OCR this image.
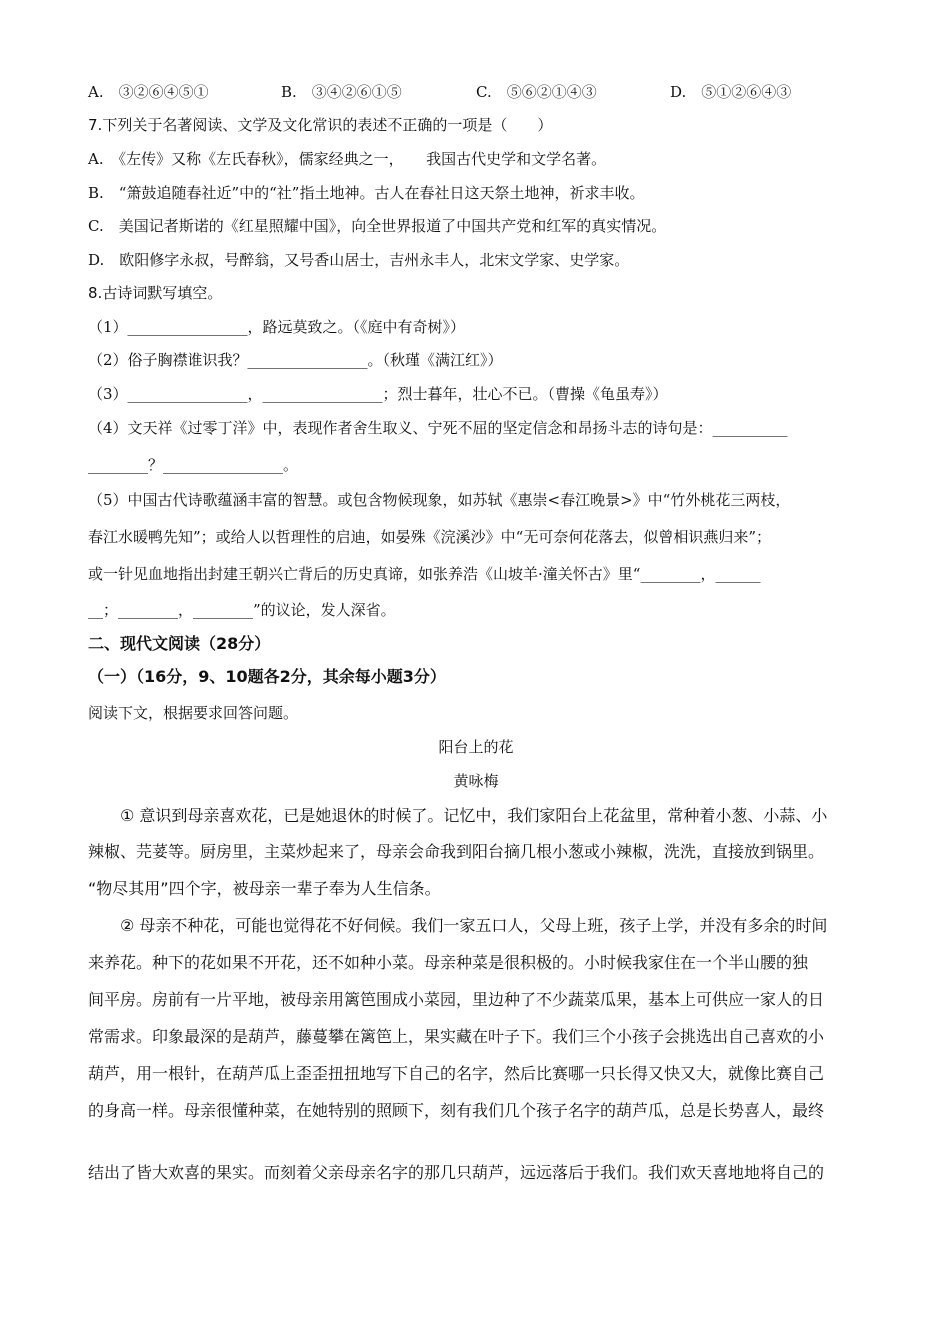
A.　③②⑥④⑤①	B.　③④②⑥①⑤	C.　⑤⑥②①④③	D.　⑤①②⑥④③
7.下列关于名著阅读、文学及文化常识的表述不正确的一项是（　　）
A.　《左传》又称《左氏春秋》，儒家经典之一，　　我国古代史学和文学名著。
B.　“箫鼓追随春社近”中的“社”指土地神。古人在春社日这天祭土地神，祈求丰收。
C.　美国记者斯诺的《红星照耀中国》，向全世界报道了中国共产党和红军的真实情况。
D.　欧阳修字永叔，号醉翁，又号香山居士，吉州永丰人，北宋文学家、史学家。
8.古诗词默写填空。
（1）________________，路远莫致之。（《庭中有奇树》）
（2）俗子胸襟谁识我？________________。（秋瑾《满江红》）
（3）________________，________________；烈士暮年，壮心不已。（曹操《龟虽寿》）
（4）文天祥《过零丁洋》中，表现作者舍生取义、宁死不屈的坚定信念和昂扬斗志的诗句是：__________
________？________________。
（5）中国古代诗歌蕴涵丰富的智慧。或包含物候现象，如苏轼《惠崇<春江晚景>》中“竹外桃花三两枝，
春江水暖鸭先知”；或给人以哲理性的启迪，如晏殊《浣溪沙》中“无可奈何花落去，似曾相识燕归来”；
或一针见血地指出封建王朝兴亡背后的历史真谛，如张养浩《山坡羊·潼关怀古》里“________，______
__；________，________”的议论，发人深省。
二、现代文阅读（28分）
（一）（16分，9、10题各2分，其余每小题3分）
阅读下文，根据要求回答问题。
阳台上的花
黄咏梅
① 意识到母亲喜欢花，已是她退休的时候了。记忆中，我们家阳台上花盆里，常种着小葱、小蒜、小
辣椒、芫荽等。厨房里，主菜炒起来了，母亲会命我到阳台摘几根小葱或小辣椒，洗洗，直接放到锅里。
“物尽其用”四个字，被母亲一辈子奉为人生信条。
② 母亲不种花，可能也觉得花不好伺候。我们一家五口人，父母上班，孩子上学，并没有多余的时间
来养花。种下的花如果不开花，还不如种小菜。母亲种菜是很积极的。小时候我家住在一个半山腰的独
间平房。房前有一片平地，被母亲用篱笆围成小菜园，里边种了不少蔬菜瓜果，基本上可供应一家人的日
常需求。印象最深的是葫芦，藤蔓攀在篱笆上，果实藏在叶子下。我们三个小孩子会挑选出自己喜欢的小
葫芦，用一根针，在葫芦瓜上歪歪扭扭地写下自己的名字，然后比赛哪一只长得又快又大，就像比赛自己
的身高一样。母亲很懂种菜，在她特别的照顾下，刻有我们几个孩子名字的葫芦瓜，总是长势喜人，最终
结出了皆大欢喜的果实。而刻着父亲母亲名字的那几只葫芦，远远落后于我们。我们欢天喜地地将自己的
